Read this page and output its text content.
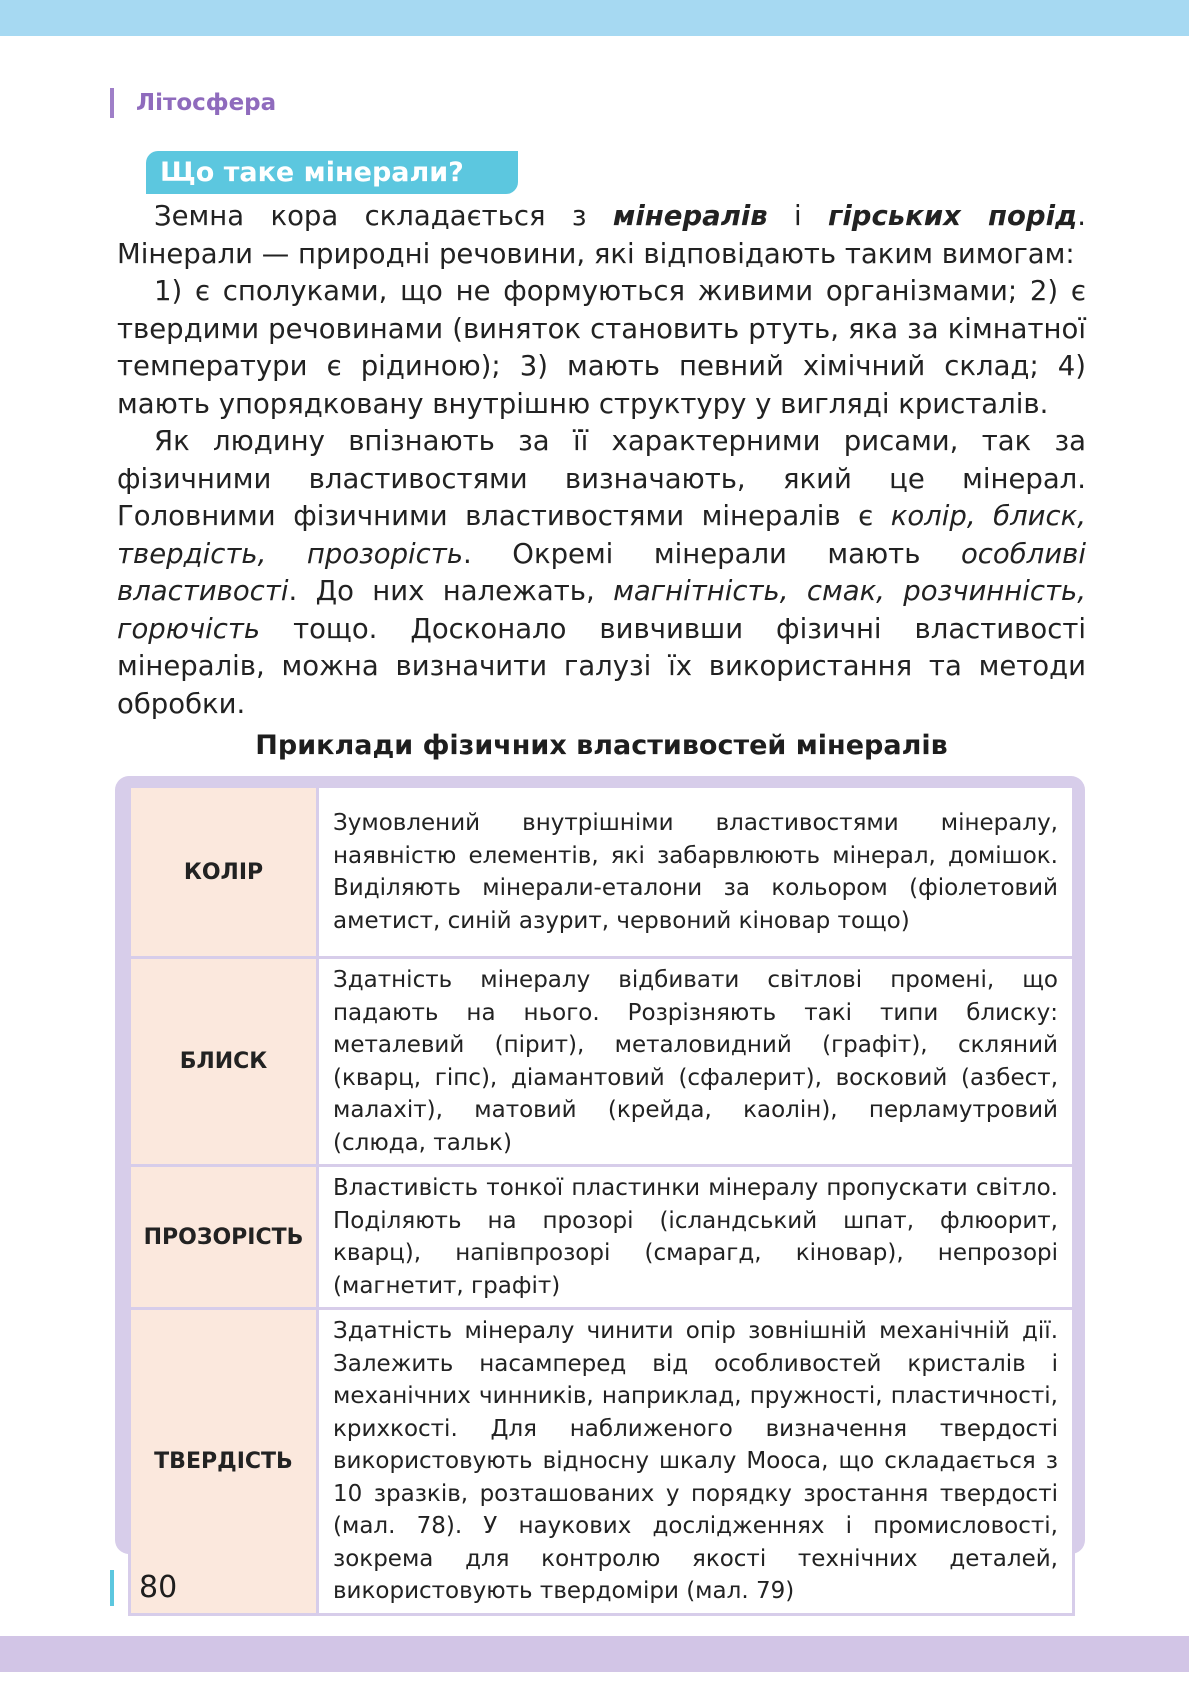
Літосфера
Що таке мінерали?

Земна кора складається з мінералів і гірських порід. Мінерали — природні речовини, які відповідають таким вимогам:

1) є сполуками, що не формуються живими організмами; 2) є твердими речовинами (виняток становить ртуть, яка за кімнатної температури є рідиною); 3) мають певний хімічний склад; 4) мають упорядковану внутрішню структуру у вигляді кристалів.

Як людину впізнають за її характерними рисами, так за фізичними властивостями визначають, який це мінерал. Головними фізичними властивостями мінералів є колір, блиск, твердість, прозорість. Окремі мінерали мають особливі властивості. До них належать, магнітність, смак, розчинність, горючість тощо. Досконало вивчивши фізичні властивості мінералів, можна визначити галузі їх використання та методи обробки.

Приклади фізичних властивостей мінералів
КОЛІР	Зумовлений внутрішніми властивостями мінералу, наявністю елементів, які забарвлюють мінерал, домішок. Виділяють мінерали-еталони за кольором (фіолетовий аметист, синій азурит, червоний кіновар тощо)
БЛИСК	Здатність мінералу відбивати світлові промені, що падають на нього. Розрізняють такі типи блиску: металевий (пірит), металовидний (графіт), скляний (кварц, гіпс), діамантовий (сфалерит), восковий (азбест, малахіт), матовий (крейда, каолін), перламутровий (слюда, тальк)
ПРОЗОРІСТЬ	Властивість тонкої пластинки мінералу пропускати світло. Поділяють на прозорі (ісландський шпат, флюорит, кварц), напівпрозорі (смарагд, кіновар), непрозорі (магнетит, графіт)
ТВЕРДІСТЬ	Здатність мінералу чинити опір зовнішній механічній дії. Залежить насамперед від особливостей кристалів і механічних чинників, наприклад, пружності, пластичності, крихкості. Для наближеного визначення твердості використовують відносну шкалу Мооса, що складається з 10 зразків, розташованих у порядку зростання твердості (мал. 78). У наукових дослідженнях і промисловості, зокрема для контролю якості технічних деталей, використовують твердоміри (мал. 79)
80
